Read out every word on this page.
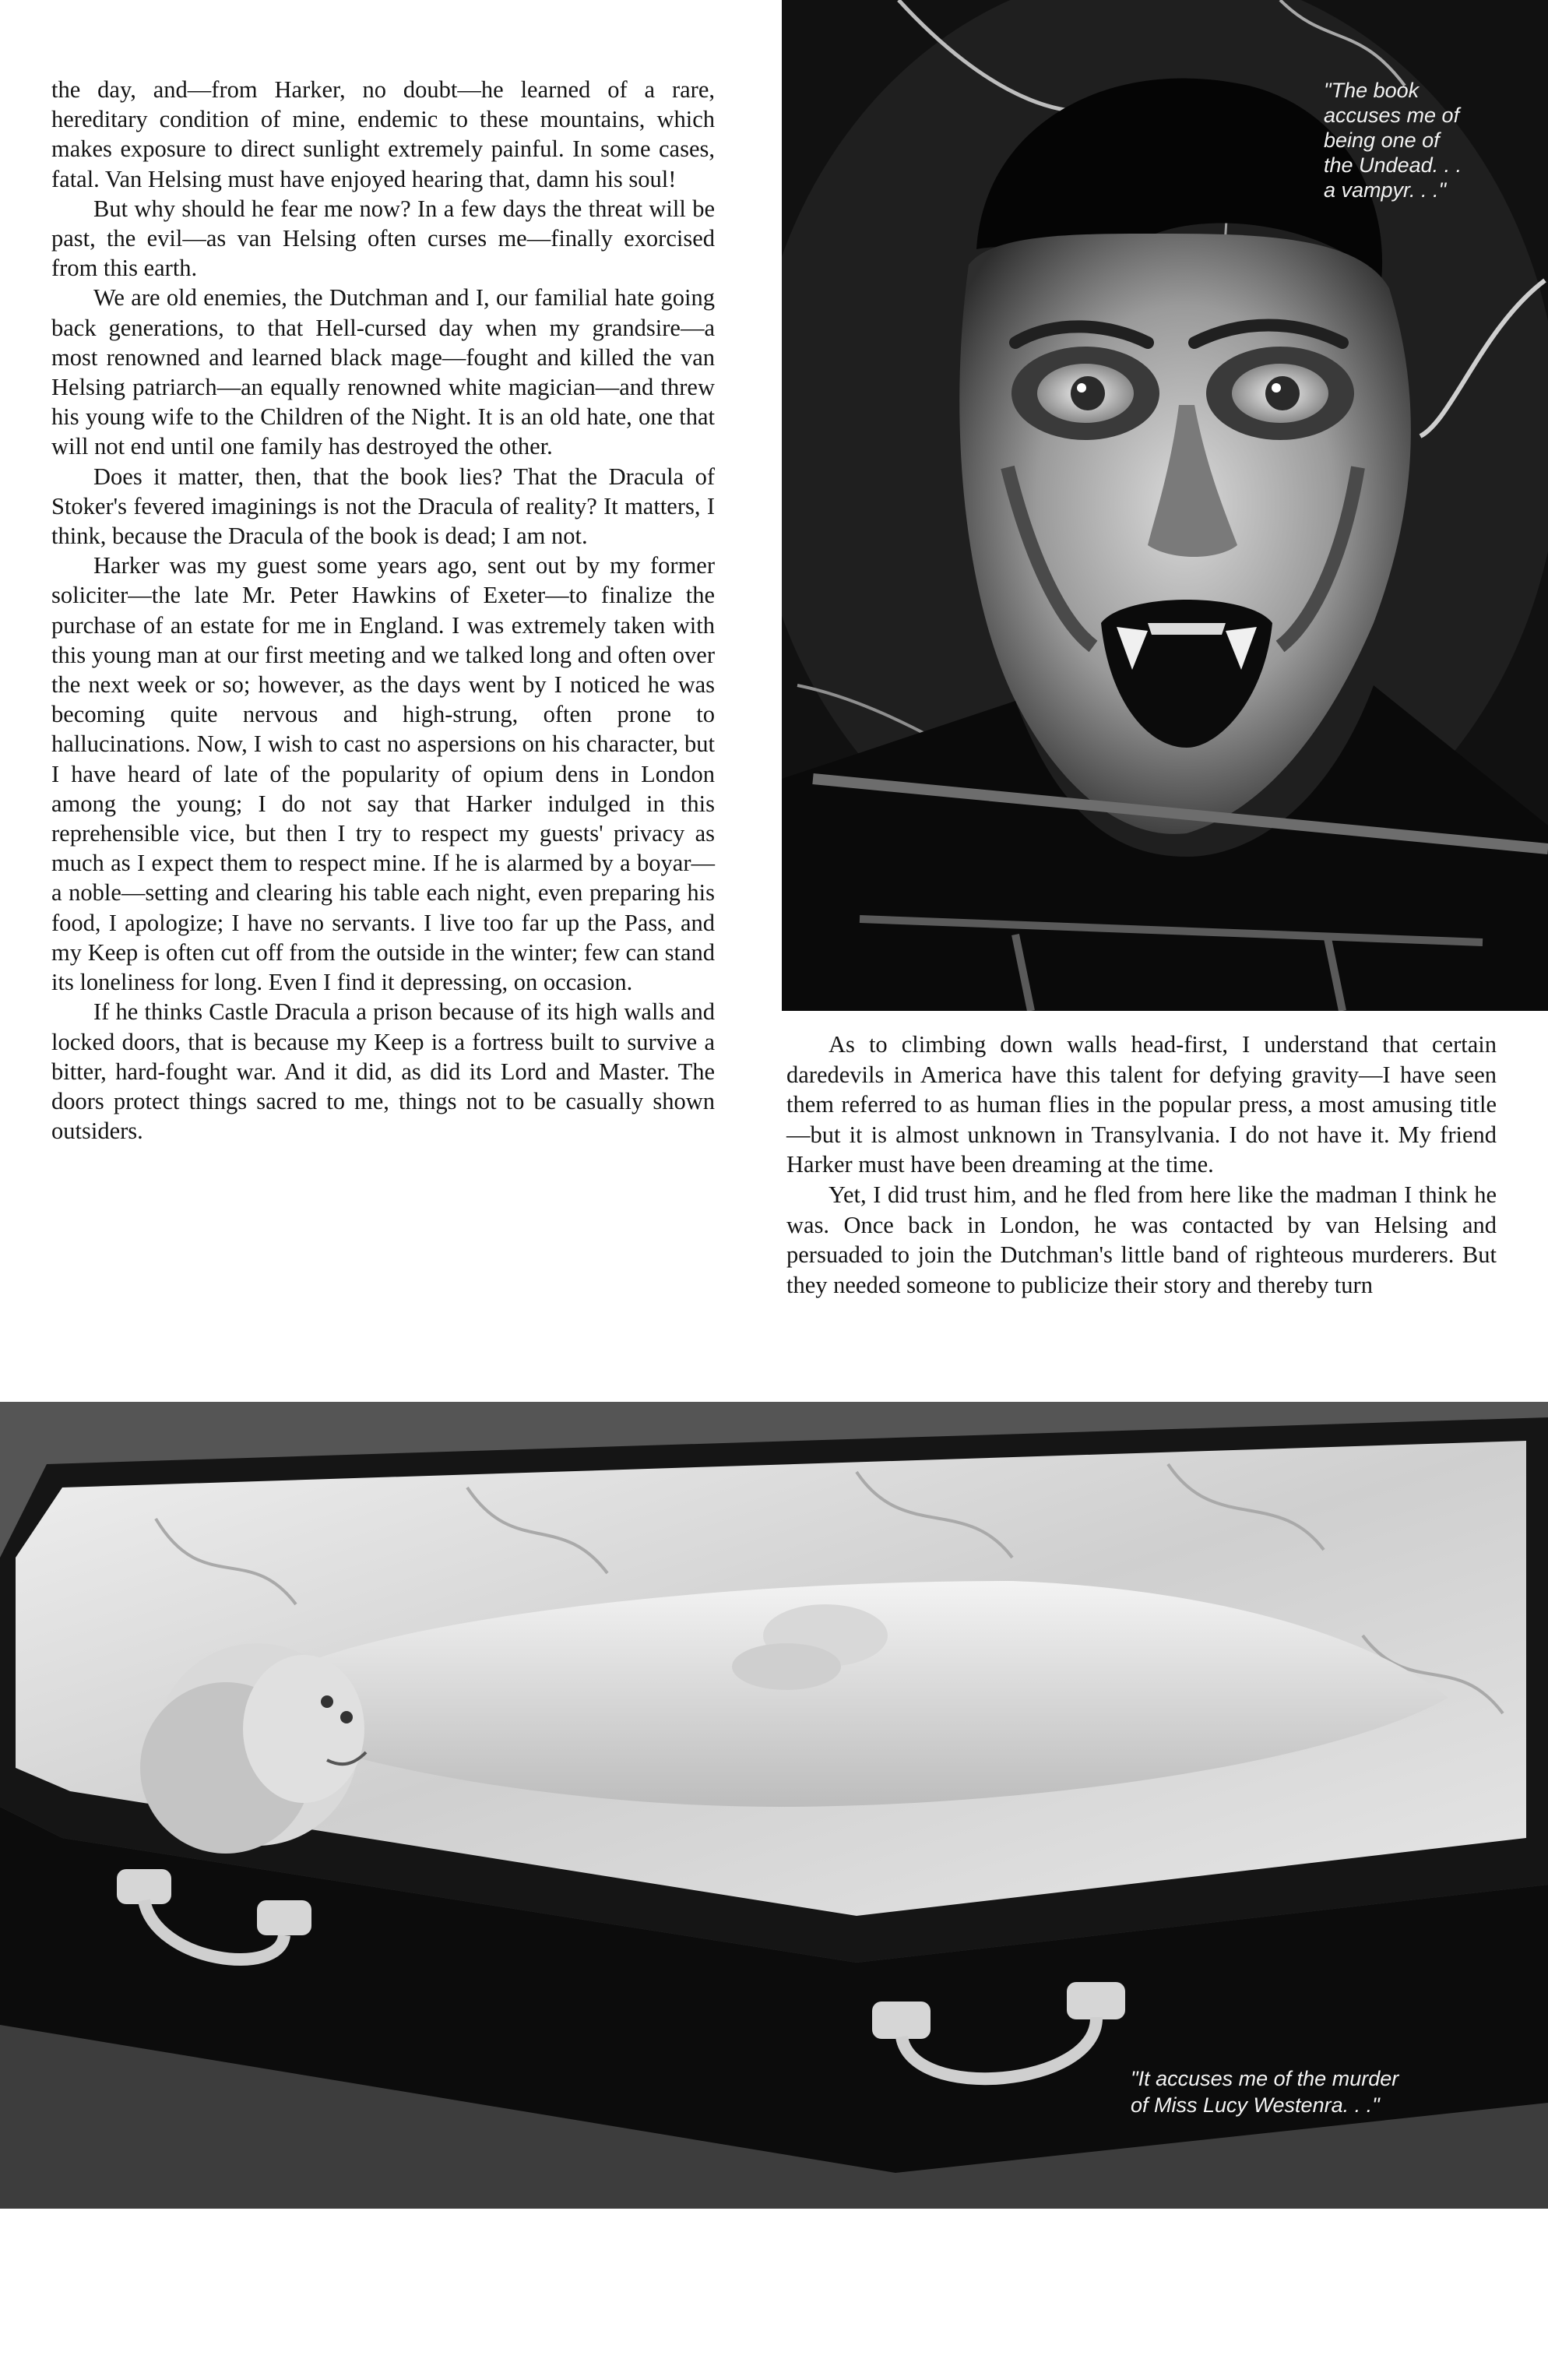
the day, and—from Harker, no doubt—he learned of a rare, hereditary condition of mine, endemic to these mountains, which makes exposure to direct sunlight extremely painful. In some cases, fatal. Van Helsing must have enjoyed hearing that, damn his soul!

But why should he fear me now? In a few days the threat will be past, the evil—as van Helsing often curses me—finally exorcised from this earth.

We are old enemies, the Dutchman and I, our familial hate going back generations, to that Hell-cursed day when my grandsire—a most renowned and learned black mage—fought and killed the van Helsing patriarch—an equally renowned white magician—and threw his young wife to the Children of the Night. It is an old hate, one that will not end until one family has destroyed the other.

Does it matter, then, that the book lies? That the Dracula of Stoker's fevered imaginings is not the Dracula of reality? It matters, I think, because the Dracula of the book is dead; I am not.

Harker was my guest some years ago, sent out by my former soliciter—the late Mr. Peter Hawkins of Exeter—to finalize the purchase of an estate for me in England. I was extremely taken with this young man at our first meeting and we talked long and often over the next week or so; however, as the days went by I noticed he was becoming quite nervous and high-strung, often prone to hallucinations. Now, I wish to cast no aspersions on his character, but I have heard of late of the popularity of opium dens in London among the young; I do not say that Harker indulged in this reprehensible vice, but then I try to respect my guests' privacy as much as I expect them to respect mine. If he is alarmed by a boyar—a noble—setting and clearing his table each night, even preparing his food, I apologize; I have no servants. I live too far up the Pass, and my Keep is often cut off from the outside in the winter; few can stand its loneliness for long. Even I find it depressing, on occasion.

If he thinks Castle Dracula a prison because of its high walls and locked doors, that is because my Keep is a fortress built to survive a bitter, hard-fought war. And it did, as did its Lord and Master. The doors protect things sacred to me, things not to be casually shown outsiders.

"The book
accuses me of
being one of
the Undead. . .
a vampyr. . ."

As to climbing down walls head-first, I understand that certain daredevils in America have this talent for defying gravity—I have seen them referred to as human flies in the popular press, a most amusing title—but it is almost unknown in Transylvania. I do not have it. My friend Harker must have been dreaming at the time.

Yet, I did trust him, and he fled from here like the madman I think he was. Once back in London, he was contacted by van Helsing and persuaded to join the Dutchman's little band of righteous murderers. But they needed someone to publicize their story and thereby turn

"It accuses me of the murder
of Miss Lucy Westenra. . ."
